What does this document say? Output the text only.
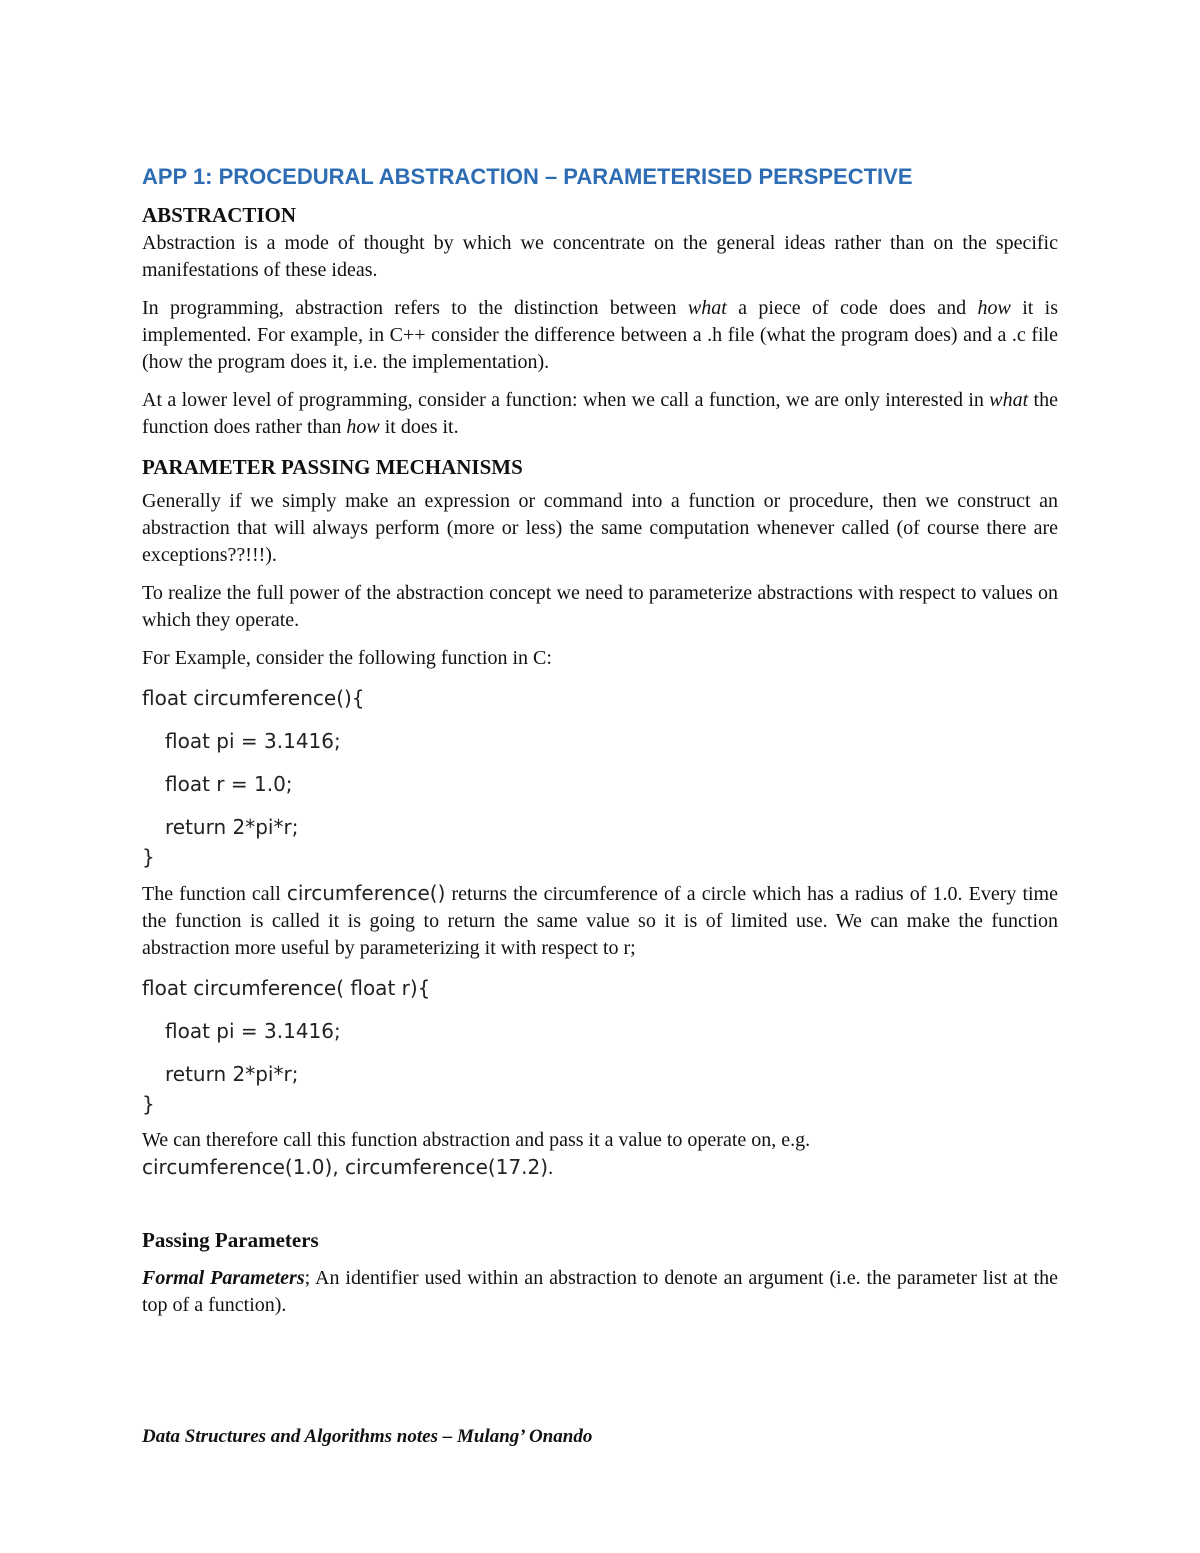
APP 1: PROCEDURAL ABSTRACTION – PARAMETERISED PERSPECTIVE
ABSTRACTION

Abstraction is a mode of thought by which we concentrate on the general ideas rather than on the specific manifestations of these ideas.

In programming, abstraction refers to the distinction between what a piece of code does and how it is implemented. For example, in C++ consider the difference between a .h file (what the program does) and a .c file (how the program does it, i.e. the implementation).

At a lower level of programming, consider a function: when we call a function, we are only interested in what the function does rather than how it does it.

PARAMETER PASSING MECHANISMS

Generally if we simply make an expression or command into a function or procedure, then we construct an abstraction that will always perform (more or less) the same computation whenever called (of course there are exceptions??!!!).

To realize the full power of the abstraction concept we need to parameterize abstractions with respect to values on which they operate.

For Example, consider the following function in C:

float circumference(){
float pi = 3.1416;
float r = 1.0;
return 2*pi*r;
}

The function call circumference() returns the circumference of a circle which has a radius of 1.0. Every time the function is called it is going to return the same value so it is of limited use. We can make the function abstraction more useful by parameterizing it with respect to r;

float circumference( float r){
float pi = 3.1416;
return 2*pi*r;
}

We can therefore call this function abstraction and pass it a value to operate on, e.g.
circumference(1.0), circumference(17.2).

Passing Parameters

Formal Parameters; An identifier used within an abstraction to denote an argument (i.e. the parameter list at the top of a function).

Data Structures and Algorithms notes – Mulang’ Onando
